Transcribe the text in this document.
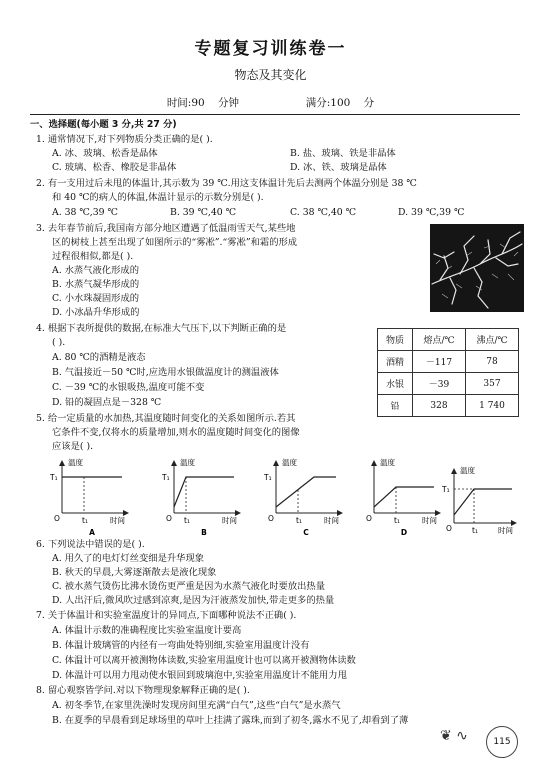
专题复习训练卷一
物态及其变化
时间:90 分钟	满分:100 分
一、选择题(每小题 3 分,共 27 分)
1. 通常情况下,对下列物质分类正确的是( ).
A. 冰、玻璃、松香是晶体	B. 盐、玻璃、铁是非晶体
C. 玻璃、松香、橡胶是非晶体	D. 冰、铁、玻璃是晶体
2. 有一支用过后未甩的体温计,其示数为 39 ℃.用这支体温计先后去测两个体温分别是 38 ℃
和 40 ℃的病人的体温,体温计显示的示数分别是( ).
A. 38 ℃,39 ℃	B. 39 ℃,40 ℃	C. 38 ℃,40 ℃	D. 39 ℃,39 ℃
3. 去年春节前后,我国南方部分地区遭遇了低温雨雪天气,某些地
区的树枝上甚至出现了如图所示的“雾凇”.“雾凇”和霜的形成
过程很相似,都是( ).
A. 水蒸气液化形成的
B. 水蒸气凝华形成的
C. 小水珠凝固形成的
D. 小冰晶升华形成的
4. 根据下表所提供的数据,在标准大气压下,以下判断正确的是
( ).
A. 80 ℃的酒精是液态
B. 气温接近－50 ℃时,应选用水银做温度计的测温液体
C. －39 ℃的水银吸热,温度可能不变
D. 铅的凝固点是－328 ℃
物质	熔点/℃	沸点/℃
酒精	－117	78
水银	－39	357
铅	328	1 740
5. 给一定质量的水加热,其温度随时间变化的关系如图所示.若其
它条件不变,仅将水的质量增加,则水的温度随时间变化的图像
应该是( ).
温度
时间
O
T₁
t₁
A
温度
时间
O
T₁
t₁
B
温度
时间
O
T₁
t₁
C
温度
时间
O	t₁
D
温度
时间
O
T₁
t₁
6. 下列说法中错误的是( ).
A. 用久了的电灯灯丝变细是升华现象
B. 秋天的早晨,大雾逐渐散去是液化现象
C. 被水蒸气烫伤比沸水烫伤更严重是因为水蒸气液化时要放出热量
D. 人出汗后,微风吹过感到凉爽,是因为汗液蒸发加快,带走更多的热量
7. 关于体温计和实验室温度计的异同点,下面哪种说法不正确( ).
A. 体温计示数的准确程度比实验室温度计要高
B. 体温计玻璃管的内径有一弯曲处特别细,实验室用温度计没有
C. 体温计可以离开被测物体读数,实验室用温度计也可以离开被测物体读数
D. 体温计可以用力甩动使水银回到玻璃泡中,实验室用温度计不能用力甩
8. 留心观察皆学问.对以下物理现象解释正确的是( ).
A. 初冬季节,在家里洗澡时发现房间里充满“白气”,这些“白气”是水蒸气
B. 在夏季的早晨看到足球场里的草叶上挂满了露珠,而到了初冬,露水不见了,却看到了薄
❦ ∿	115
